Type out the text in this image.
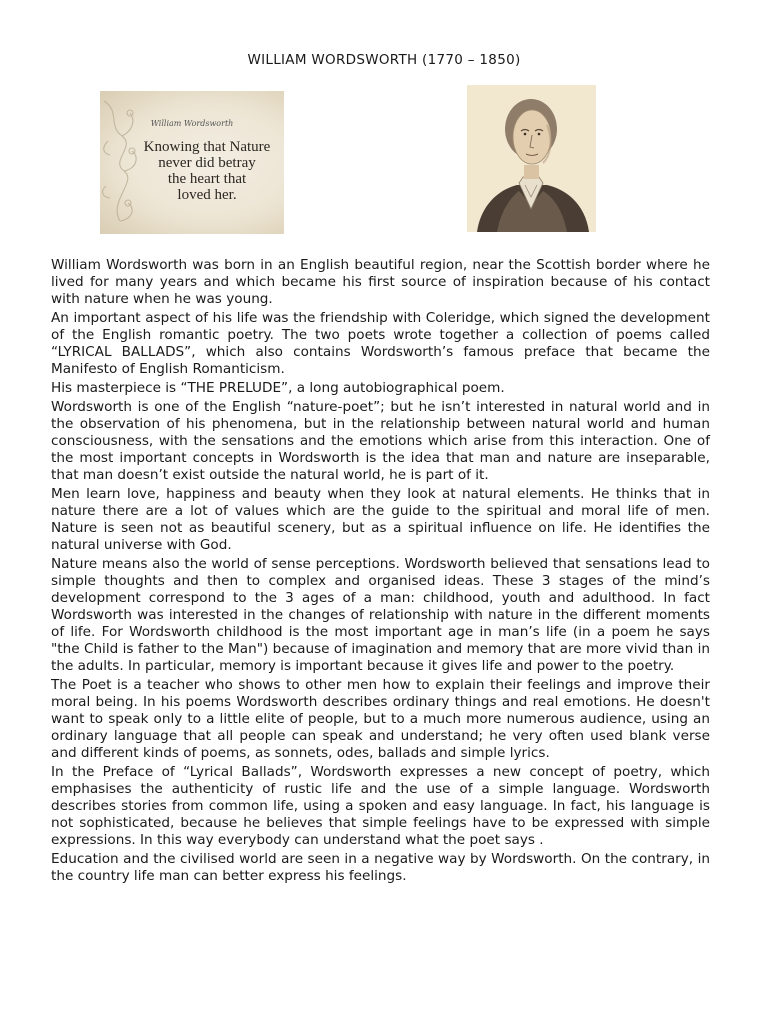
WILLIAM WORDSWORTH (1770 – 1850)
William Wordsworth
Knowing that Nature
never did betray
the heart that
loved her.

William Wordsworth was born in an English beautiful region, near the Scottish border where he lived for many years and which became his first source of inspiration because of his contact with nature when he was young.

An important aspect of his life was the friendship with Coleridge, which signed the development of the English romantic poetry. The two poets wrote together a collection of poems called “LYRICAL BALLADS”, which also contains Wordsworth’s famous preface that became the Manifesto of English Romanticism.

His masterpiece is “THE PRELUDE”, a long autobiographical poem.

Wordsworth is one of the English “nature-poet”; but he isn’t interested in natural world and in the observation of his phenomena, but in the relationship between natural world and human consciousness, with the sensations and the emotions which arise from this interaction. One of the most important concepts in Wordsworth is the idea that man and nature are inseparable, that man doesn’t exist outside the natural world, he is part of it.

Men learn love, happiness and beauty when they look at natural elements. He thinks that in nature there are a lot of values which are the guide to the spiritual and moral life of men. Nature is seen not as beautiful scenery, but as a spiritual influence on life. He identifies the natural universe with God.

Nature means also the world of sense perceptions. Wordsworth believed that sensations lead to simple thoughts and then to complex and organised ideas. These 3 stages of the mind’s development correspond to the 3 ages of a man: childhood, youth and adulthood. In fact Wordsworth was interested in the changes of relationship with nature in the different moments of life. For Wordsworth childhood is the most important age in man’s life (in a poem he says "the Child is father to the Man") because of imagination and memory that are more vivid than in the adults. In particular, memory is important because it gives life and power to the poetry.

The Poet is a teacher who shows to other men how to explain their feelings and improve their moral being. In his poems Wordsworth describes ordinary things and real emotions. He doesn't want to speak only to a little elite of people, but to a much more numerous audience, using an ordinary language that all people can speak and understand; he very often used blank verse and different kinds of poems, as sonnets, odes, ballads and simple lyrics.

In the Preface of “Lyrical Ballads”, Wordsworth expresses a new concept of poetry, which emphasises the authenticity of rustic life and the use of a simple language. Wordsworth describes stories from common life, using a spoken and easy language. In fact, his language is not sophisticated, because he believes that simple feelings have to be expressed with simple expressions. In this way everybody can understand what the poet says .

Education and the civilised world are seen in a negative way by Wordsworth. On the contrary, in the country life man can better express his feelings.
